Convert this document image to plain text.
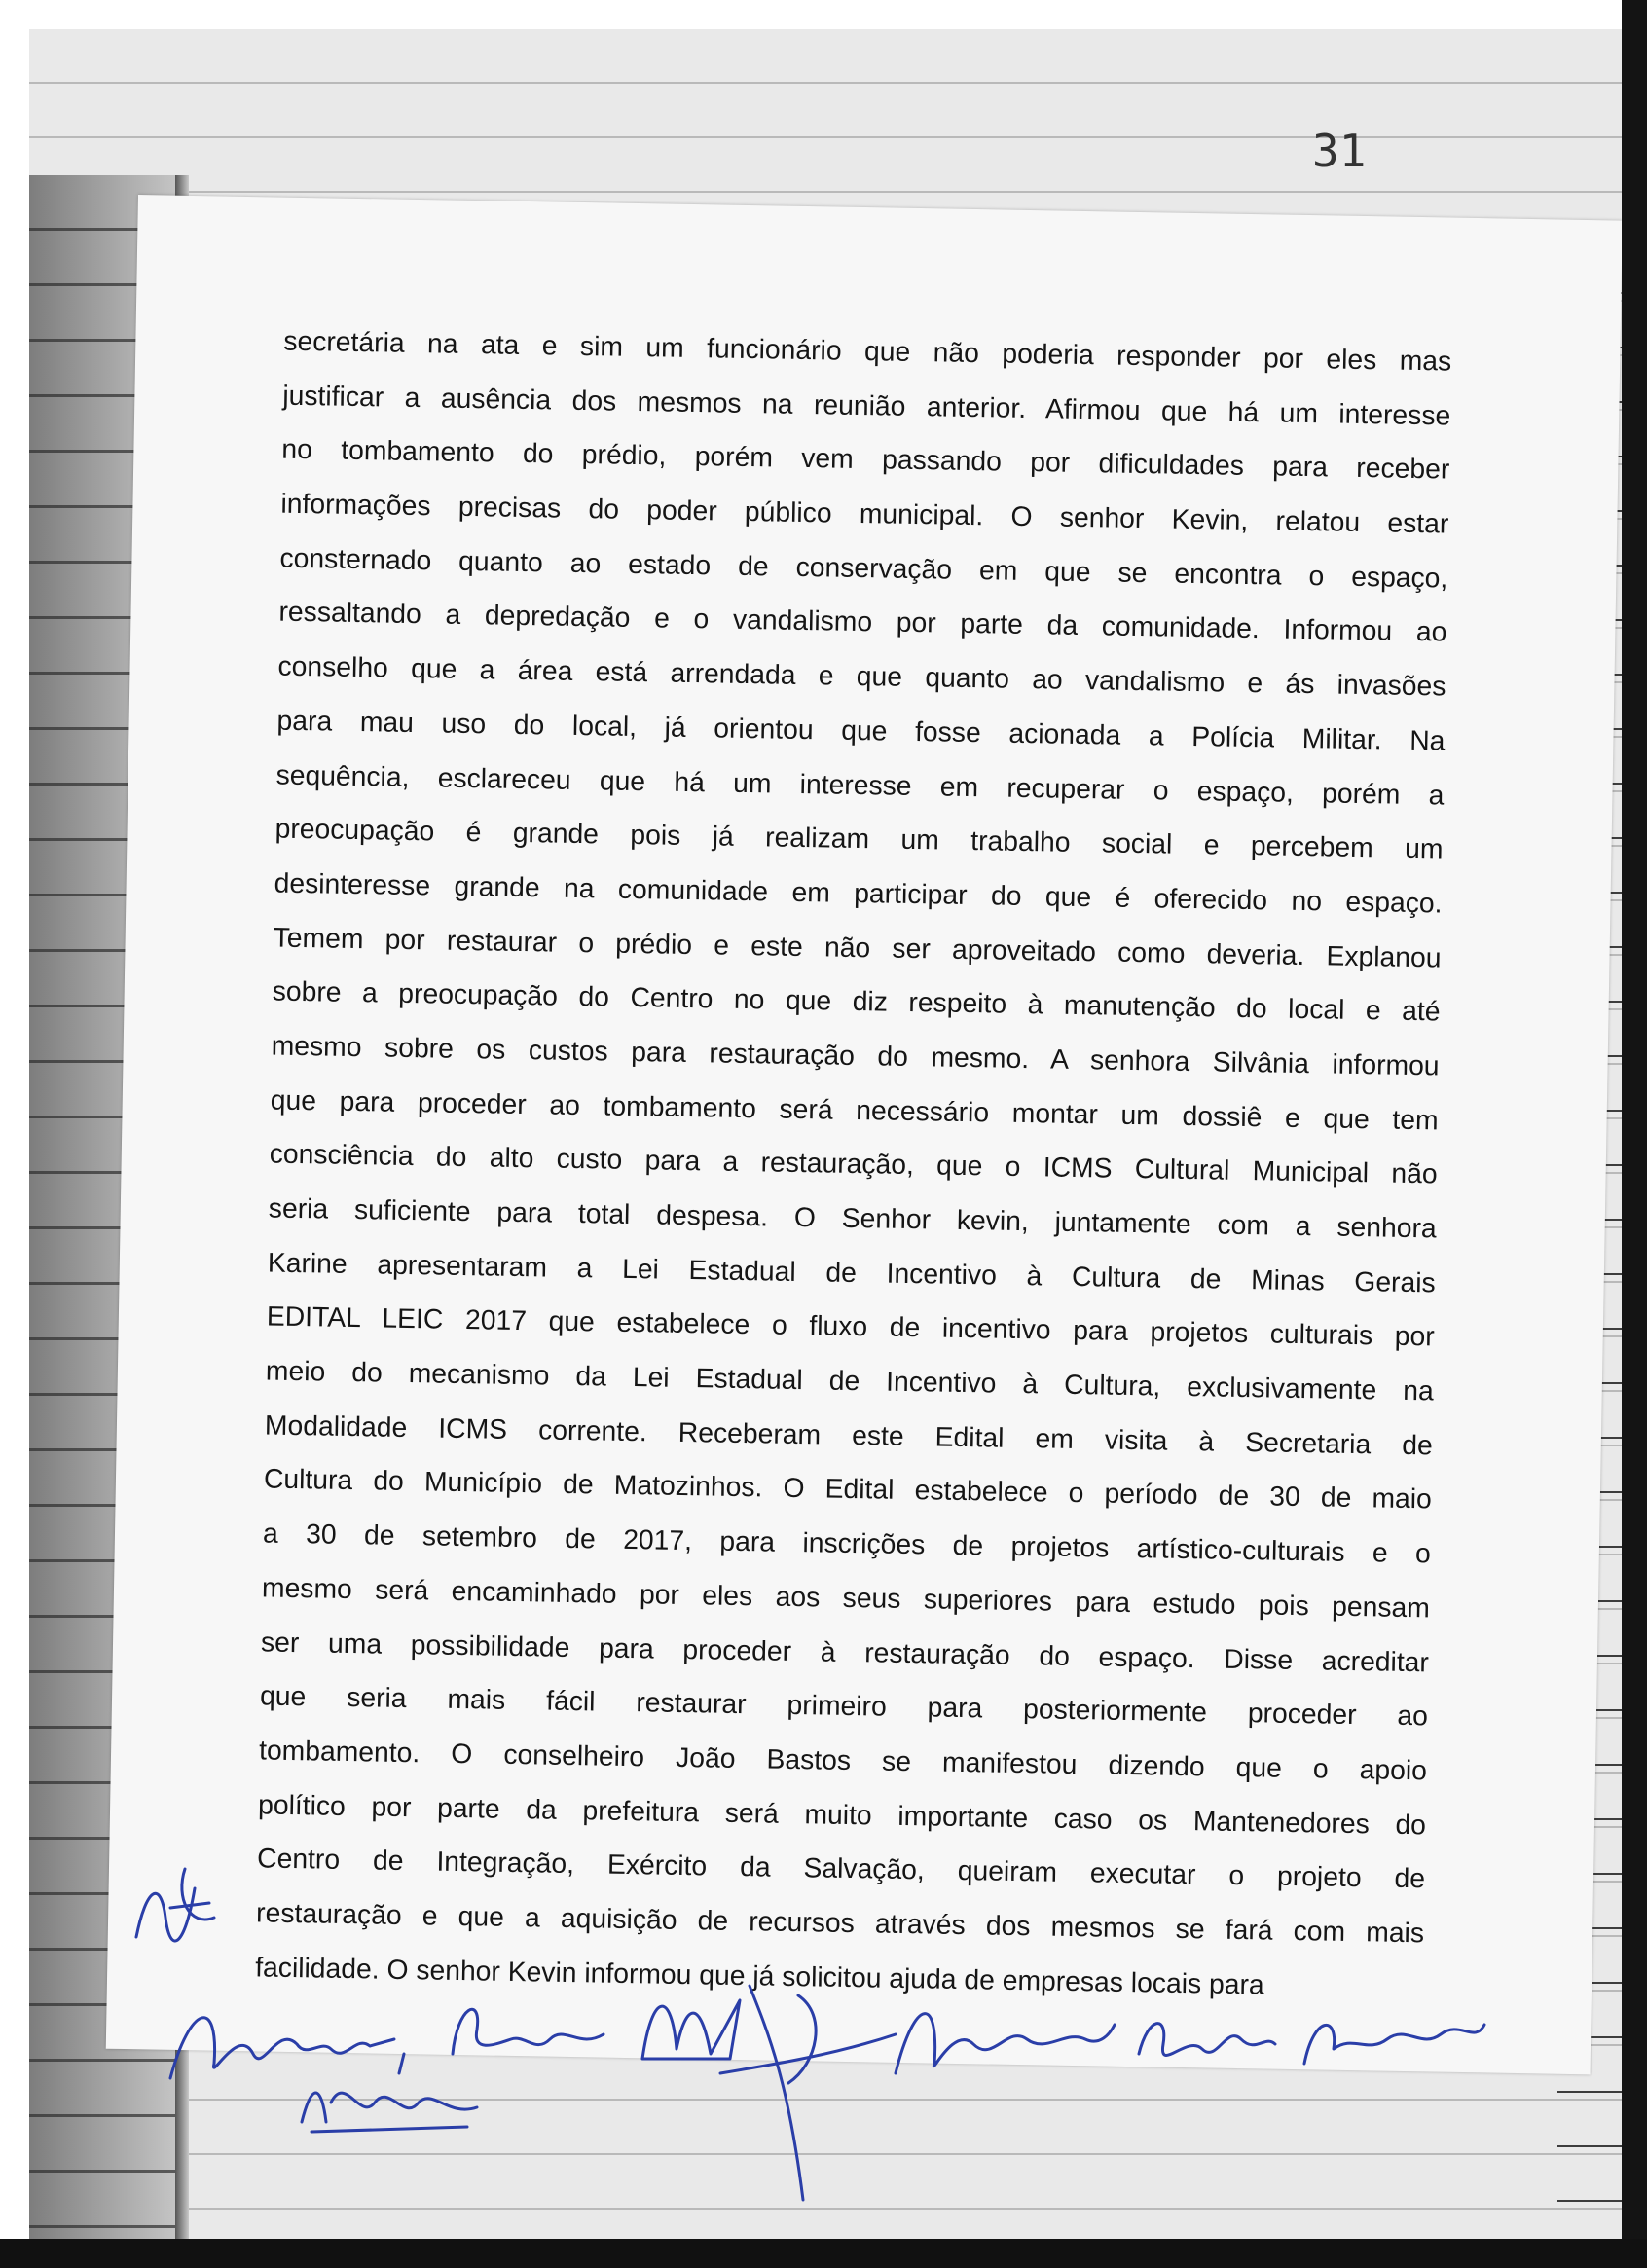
31
secretária na ata e sim um funcionário que não poderia responder por eles mas
justificar a ausência dos mesmos na reunião anterior. Afirmou que há um interesse
no tombamento do prédio, porém vem passando por dificuldades para receber
informações precisas do poder público municipal. O senhor Kevin, relatou estar
consternado quanto ao estado de conservação em que se encontra o espaço,
ressaltando a depredação e o vandalismo por parte da comunidade. Informou ao
conselho que a área está arrendada e que quanto ao vandalismo e ás invasões
para mau uso do local, já orientou que fosse acionada a Polícia Militar. Na
sequência, esclareceu que há um interesse em recuperar o espaço, porém a
preocupação é grande pois já realizam um trabalho social e percebem um
desinteresse grande na comunidade em participar do que é oferecido no espaço.
Temem por restaurar o prédio e este não ser aproveitado como deveria. Explanou
sobre a preocupação do Centro no que diz respeito à manutenção do local e até
mesmo sobre os custos para restauração do mesmo. A senhora Silvânia informou
que para proceder ao tombamento será necessário montar um dossiê e que tem
consciência do alto custo para a restauração, que o ICMS Cultural Municipal não
seria suficiente para total despesa. O Senhor kevin, juntamente com a senhora
Karine apresentaram a Lei Estadual de Incentivo à Cultura de Minas Gerais
EDITAL LEIC 2017 que estabelece o fluxo de incentivo para projetos culturais por
meio do mecanismo da Lei Estadual de Incentivo à Cultura, exclusivamente na
Modalidade ICMS corrente. Receberam este Edital em visita à Secretaria de
Cultura do Município de Matozinhos. O Edital estabelece o período de 30 de maio
a 30 de setembro de 2017, para inscrições de projetos artístico-culturais e o
mesmo será encaminhado por eles aos seus superiores para estudo pois pensam
ser uma possibilidade para proceder à restauração do espaço. Disse acreditar
que seria mais fácil restaurar primeiro para posteriormente proceder ao
tombamento. O conselheiro João Bastos se manifestou dizendo que o apoio
político por parte da prefeitura será muito importante caso os Mantenedores do
Centro de Integração, Exército da Salvação, queiram executar o projeto de
restauração e que a aquisição de recursos através dos mesmos se fará com mais
facilidade. O senhor Kevin informou que já solicitou ajuda de empresas locais para
